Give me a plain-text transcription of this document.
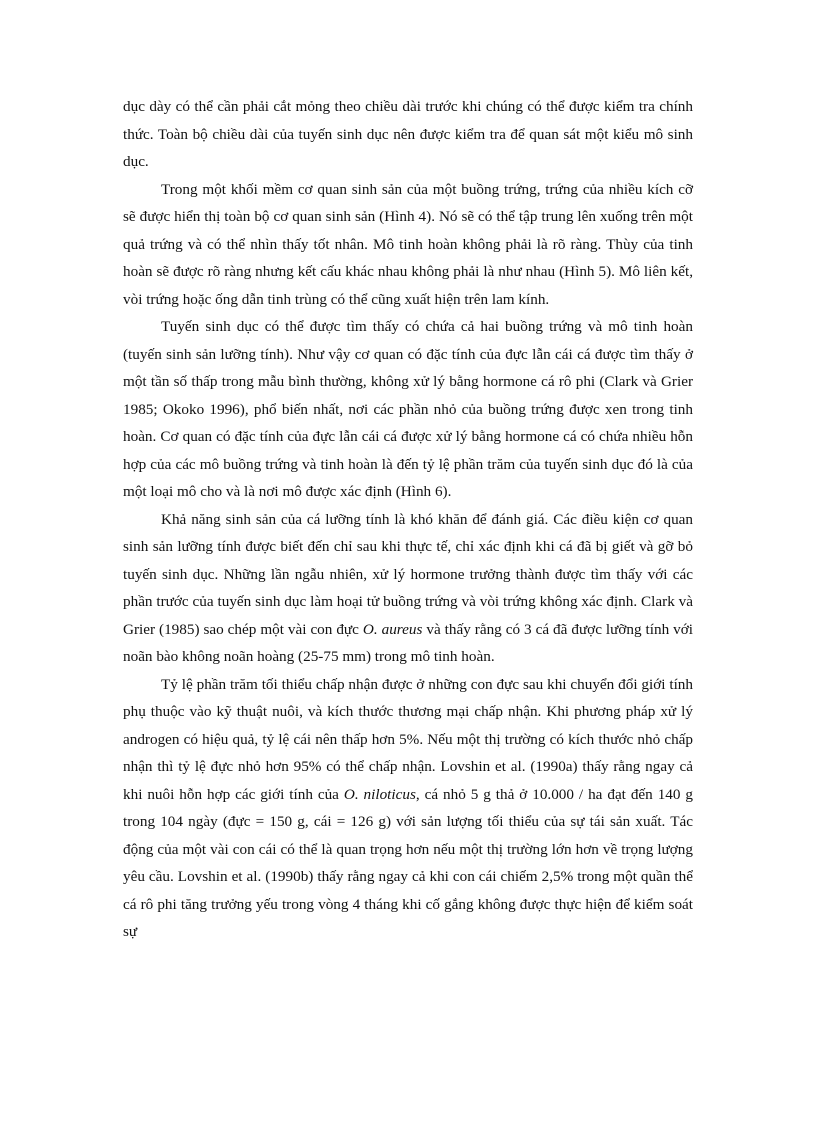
dục dày có thể cần phải cắt mỏng theo chiều dài trước khi chúng có thể được kiểm tra chính thức. Toàn bộ chiều dài của tuyến sinh dục nên được kiểm tra để quan sát một kiểu mô sinh dục.

Trong một khối mềm cơ quan sinh sản của một buồng trứng, trứng của nhiều kích cỡ sẽ được hiển thị toàn bộ cơ quan sinh sản (Hình 4). Nó sẽ có thể tập trung lên xuống trên một quả trứng và có thể nhìn thấy tốt nhân. Mô tinh hoàn không phải là rõ ràng. Thùy của tinh hoàn sẽ được rõ ràng nhưng kết cấu khác nhau không phải là như nhau (Hình 5). Mô liên kết, vòi trứng hoặc ống dẫn tinh trùng có thể cũng xuất hiện trên lam kính.

Tuyến sinh dục có thể được tìm thấy có chứa cả hai buồng trứng và mô tinh hoàn (tuyến sinh sản lưỡng tính). Như vậy cơ quan có đặc tính của đực lẫn cái cá được tìm thấy ở một tần số thấp trong mẫu bình thường, không xử lý bằng hormone cá rô phi (Clark và Grier 1985; Okoko 1996), phổ biến nhất, nơi các phần nhỏ của buồng trứng được xen trong tinh hoàn. Cơ quan có đặc tính của đực lẫn cái cá được xử lý bằng hormone cá có chứa nhiều hỗn hợp của các mô buồng trứng và tinh hoàn là đến tỷ lệ phần trăm của tuyến sinh dục đó là của một loại mô cho và là nơi mô được xác định (Hình 6).

Khả năng sinh sản của cá lưỡng tính là khó khăn để đánh giá. Các điều kiện cơ quan sinh sản lưỡng tính được biết đến chỉ sau khi thực tế, chỉ xác định khi cá đã bị giết và gỡ bỏ tuyến sinh dục. Những lần ngẫu nhiên, xử lý hormone trưởng thành được tìm thấy với các phần trước của tuyến sinh dục làm hoại tử buồng trứng và vòi trứng không xác định. Clark và Grier (1985) sao chép một vài con đực O. aureus và thấy rằng có 3 cá đã được lưỡng tính với noãn bào không noãn hoàng (25-75 mm) trong mô tinh hoàn.

Tỷ lệ phần trăm tối thiểu chấp nhận được ở những con đực sau khi chuyển đổi giới tính phụ thuộc vào kỹ thuật nuôi, và kích thước thương mại chấp nhận. Khi phương pháp xử lý androgen có hiệu quả, tỷ lệ cái nên thấp hơn 5%. Nếu một thị trường có kích thước nhỏ chấp nhận thì tỷ lệ đực nhỏ hơn 95% có thể chấp nhận. Lovshin et al. (1990a) thấy rằng ngay cả khi nuôi hỗn hợp các giới tính của O. niloticus, cá nhỏ 5 g thả ở 10.000 / ha đạt đến 140 g trong 104 ngày (đực = 150 g, cái = 126 g) với sản lượng tối thiểu của sự tái sản xuất. Tác động của một vài con cái có thể là quan trọng hơn nếu một thị trường lớn hơn về trọng lượng yêu cầu. Lovshin et al. (1990b) thấy rằng ngay cả khi con cái chiếm 2,5% trong một quần thể cá rô phi tăng trưởng yếu trong vòng 4 tháng khi cố gắng không được thực hiện để kiểm soát sự
